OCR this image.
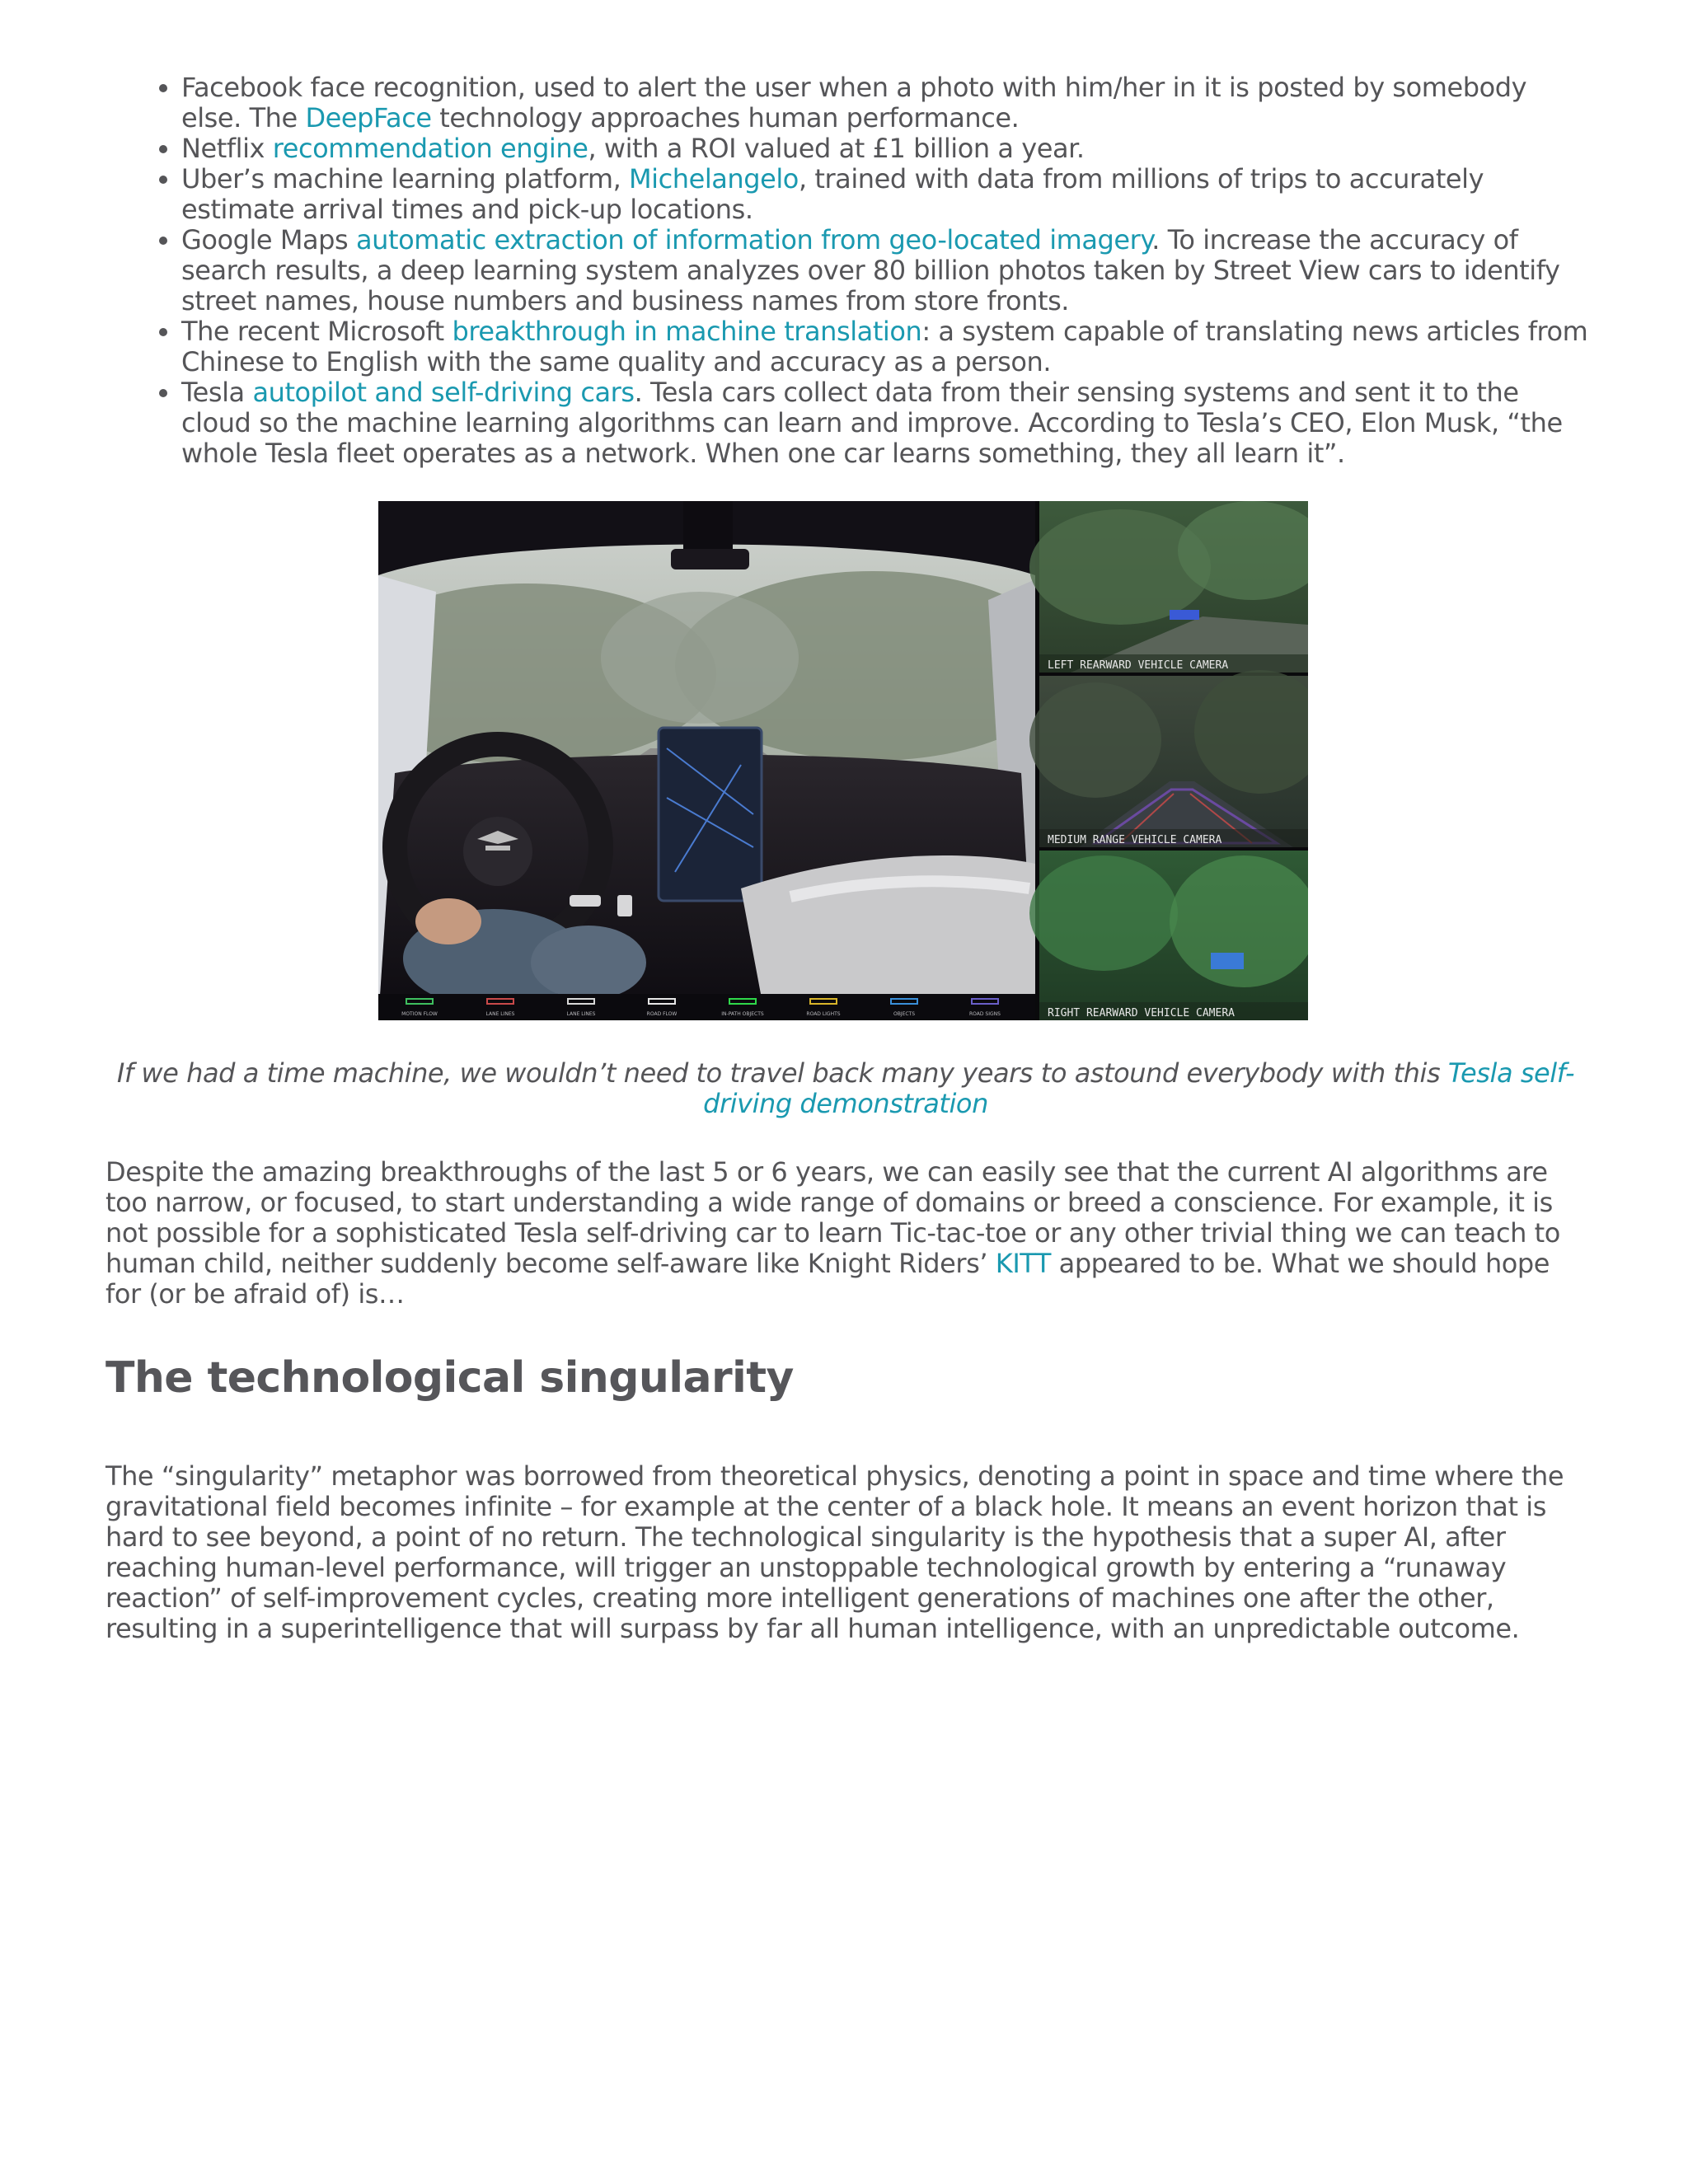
• Facebook face recognition, used to alert the user when a photo with him/her in it is posted by somebody else. The DeepFace technology approaches human performance.
• Netflix recommendation engine, with a ROI valued at £1 billion a year.
• Uber’s machine learning platform, Michelangelo, trained with data from millions of trips to accurately estimate arrival times and pick-up locations.
• Google Maps automatic extraction of information from geo-located imagery. To increase the accuracy of search results, a deep learning system analyzes over 80 billion photos taken by Street View cars to identify street names, house numbers and business names from store fronts.
• The recent Microsoft breakthrough in machine translation: a system capable of translating news articles from Chinese to English with the same quality and accuracy as a person.
• Tesla autopilot and self-driving cars. Tesla cars collect data from their sensing systems and sent it to the cloud so the machine learning algorithms can learn and improve. According to Tesla’s CEO, Elon Musk, “the whole Tesla fleet operates as a network. When one car learns something, they all learn it”.
LEFT REARWARD VEHICLE CAMERA
MEDIUM RANGE VEHICLE CAMERA
RIGHT REARWARD VEHICLE CAMERA
MOTION FLOW	LANE LINES	LANE LINES	ROAD FLOW	IN-PATH OBJECTS	ROAD LIGHTS	OBJECTS	ROAD SIGNS
If we had a time machine, we wouldn’t need to travel back many years to astound everybody with this Tesla self-driving demonstration

Despite the amazing breakthroughs of the last 5 or 6 years, we can easily see that the current AI algorithms are too narrow, or focused, to start understanding a wide range of domains or breed a conscience. For example, it is not possible for a sophisticated Tesla self-driving car to learn Tic-tac-toe or any other trivial thing we can teach to human child, neither suddenly become self-aware like Knight Riders’ KITT appeared to be. What we should hope for (or be afraid of) is…

The technological singularity

The “singularity” metaphor was borrowed from theoretical physics, denoting a point in space and time where the gravitational field becomes infinite – for example at the center of a black hole. It means an event horizon that is hard to see beyond, a point of no return. The technological singularity is the hypothesis that a super AI, after reaching human-level performance, will trigger an unstoppable technological growth by entering a “runaway reaction” of self-improvement cycles, creating more intelligent generations of machines one after the other, resulting in a superintelligence that will surpass by far all human intelligence, with an unpredictable outcome.
